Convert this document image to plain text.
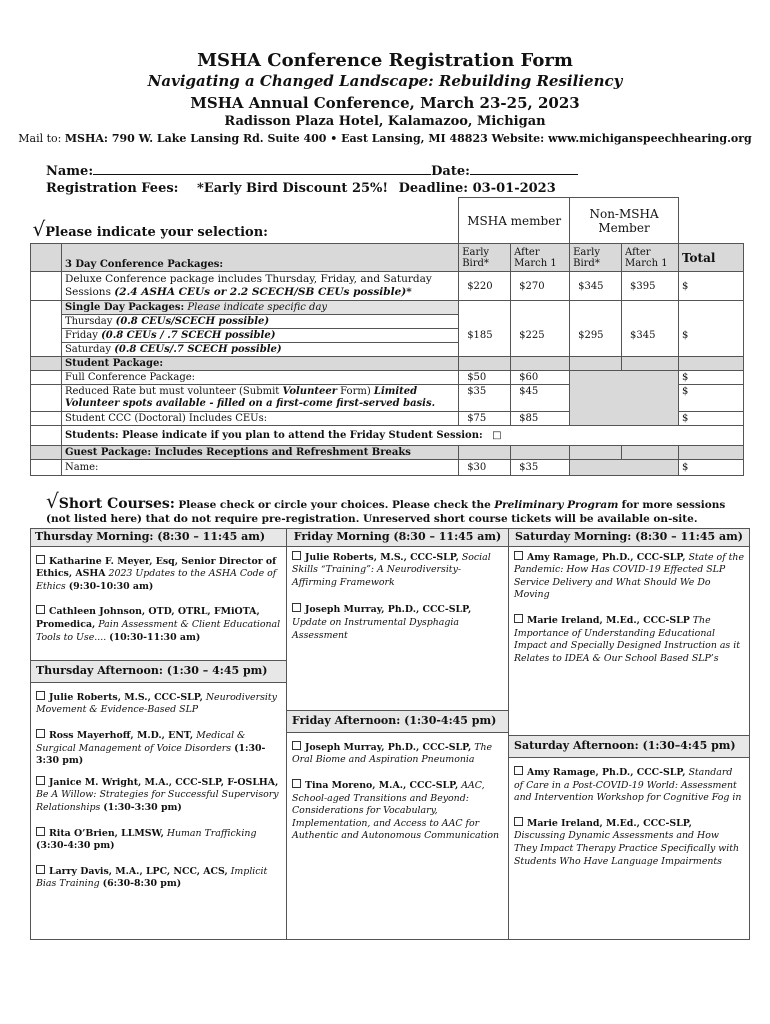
MSHA Conference Registration Form
Navigating a Changed Landscape: Rebuilding Resiliency
MSHA Annual Conference, March 23-25, 2023
Radisson Plaza Hotel, Kalamazoo, Michigan
Mail to: MSHA: 790 W. Lake Lansing Rd. Suite 400 • East Lansing, MI 48823 Website: www.michiganspeechhearing.org
Name:	Date:
Registration Fees: *Early Bird Discount 25%! Deadline: 03-01-2023
√Please indicate your selection:		MSHA member		Non-MSHA Member		
	3 Day Conference Packages:	Early Bird*	After March 1	Early Bird*	After March 1	Total
	Deluxe Conference package includes Thursday, Friday, and Saturday
Sessions (2.4 ASHA CEUs or 2.2 SCECH/SB CEUs possible)*	$220	$270	$345	$395	$

	Single Day Packages: Please indicate specific day
Thursday (0.8 CEUs/SCECH possible)
Friday (0.8 CEUs / .7 SCECH possible)
Saturday (0.8 CEUs/.7 SCECH possible)	$185	$225	$295	$345	$
	Student Package:					
	Full Conference Package:	$50	$60			$
	Reduced Rate but must volunteer (Submit Volunteer Form) Limited Volunteer spots available - filled on a first-come first-served basis.	$35	$45			$
	Student CCC (Doctoral) Includes CEUs:	$75	$85			$
	Students: Please indicate if you plan to attend the Friday Student Session: □					
	Guest Package: Includes Receptions and Refreshment Breaks					
	Name:	$30	$35			$
√Short Courses: Please check or circle your choices. Please check the Preliminary Program for more sessions (not listed here) that do not require pre-registration. Unreserved short course tickets will be available on-site.
Thursday Morning: (8:30 – 11:45 am)
Katharine F. Meyer, Esq, Senior Director of Ethics, ASHA 2023 Updates to the ASHA Code of Ethics (9:30-10:30 am)
Cathleen Johnson, OTD, OTRL, FMiOTA, Promedica, Pain Assessment & Client Educational Tools to Use.... (10:30-11:30 am)
Thursday Afternoon: (1:30 – 4:45 pm)
Julie Roberts, M.S., CCC-SLP, Neurodiversity Movement & Evidence-Based SLP
Ross Mayerhoff, M.D., ENT, Medical & Surgical Management of Voice Disorders (1:30-3:30 pm)
Janice M. Wright, M.A., CCC-SLP, F-OSLHA, Be A Willow: Strategies for Successful Supervisory Relationships (1:30-3:30 pm)
Rita O’Brien, LLMSW, Human Trafficking (3:30-4:30 pm)
Larry Davis, M.A., LPC, NCC, ACS, Implicit Bias Training (6:30-8:30 pm)
Friday Morning (8:30 – 11:45 am)
Julie Roberts, M.S., CCC-SLP, Social Skills “Training”: A Neurodiversity-Affirming Framework
Joseph Murray, Ph.D., CCC-SLP, Update on Instrumental Dysphagia Assessment
Friday Afternoon: (1:30-4:45 pm)
Joseph Murray, Ph.D., CCC-SLP, The Oral Biome and Aspiration Pneumonia
Tina Moreno, M.A., CCC-SLP, AAC, School-aged Transitions and Beyond: Considerations for Vocabulary, Implementation, and Access to AAC for Authentic and Autonomous Communication
Saturday Morning: (8:30 – 11:45 am)
Amy Ramage, Ph.D., CCC-SLP, State of the Pandemic: How Has COVID-19 Effected SLP Service Delivery and What Should We Do Moving
Marie Ireland, M.Ed., CCC-SLP The Importance of Understanding Educational Impact and Specially Designed Instruction as it Relates to IDEA & Our School Based SLP’s
Saturday Afternoon: (1:30–4:45 pm)
Amy Ramage, Ph.D., CCC-SLP, Standard of Care in a Post-COVID-19 World: Assessment and Intervention Workshop for Cognitive Fog in
Marie Ireland, M.Ed., CCC-SLP, Discussing Dynamic Assessments and How They Impact Therapy Practice Specifically with Students Who Have Language Impairments
